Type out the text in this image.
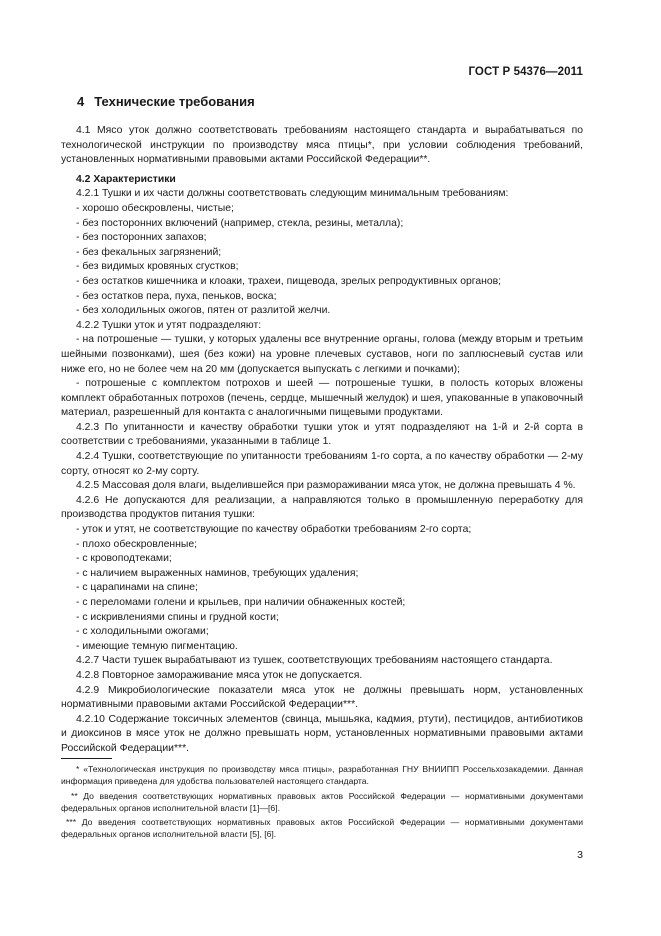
ГОСТ Р 54376—2011
4 Технические требования

4.1 Мясо уток должно соответствовать требованиям настоящего стандарта и вырабатываться по технологической инструкции по производству мяса птицы*, при условии соблюдения требований, установленных нормативными правовыми актами Российской Федерации**.

4.2 Характеристики

4.2.1 Тушки и их части должны соответствовать следующим минимальным требованиям:

- хорошо обескровлены, чистые;

- без посторонних включений (например, стекла, резины, металла);

- без посторонних запахов;

- без фекальных загрязнений;

- без видимых кровяных сгустков;

- без остатков кишечника и клоаки, трахеи, пищевода, зрелых репродуктивных органов;

- без остатков пера, пуха, пеньков, воска;

- без холодильных ожогов, пятен от разлитой желчи.

4.2.2 Тушки уток и утят подразделяют:

- на потрошеные — тушки, у которых удалены все внутренние органы, голова (между вторым и третьим шейными позвонками), шея (без кожи) на уровне плечевых суставов, ноги по заплюсневый сустав или ниже его, но не более чем на 20 мм (допускается выпускать с легкими и почками);

- потрошеные с комплектом потрохов и шеей — потрошеные тушки, в полость которых вложены комплект обработанных потрохов (печень, сердце, мышечный желудок) и шея, упакованные в упаковочный материал, разрешенный для контакта с аналогичными пищевыми продуктами.

4.2.3 По упитанности и качеству обработки тушки уток и утят подразделяют на 1-й и 2-й сорта в соответствии с требованиями, указанными в таблице 1.

4.2.4 Тушки, соответствующие по упитанности требованиям 1-го сорта, а по качеству обработки — 2-му сорту, относят ко 2-му сорту.

4.2.5 Массовая доля влаги, выделившейся при размораживании мяса уток, не должна превышать 4 %.

4.2.6 Не допускаются для реализации, а направляются только в промышленную переработку для производства продуктов питания тушки:

- уток и утят, не соответствующие по качеству обработки требованиям 2-го сорта;

- плохо обескровленные;

- с кровоподтеками;

- с наличием выраженных наминов, требующих удаления;

- с царапинами на спине;

- с переломами голени и крыльев, при наличии обнаженных костей;

- с искривлениями спины и грудной кости;

- с холодильными ожогами;

- имеющие темную пигментацию.

4.2.7 Части тушек вырабатывают из тушек, соответствующих требованиям настоящего стандарта.

4.2.8 Повторное замораживание мяса уток не допускается.

4.2.9 Микробиологические показатели мяса уток не должны превышать норм, установленных нормативными правовыми актами Российской Федерации***.

4.2.10 Содержание токсичных элементов (свинца, мышьяка, кадмия, ртути), пестицидов, антибиотиков и диоксинов в мясе уток не должно превышать норм, установленных нормативными правовыми актами Российской Федерации***.

* «Технологическая инструкция по производству мяса птицы», разработанная ГНУ ВНИИПП Россельхозакадемии. Данная информация приведена для удобства пользователей настоящего стандарта.

** До введения соответствующих нормативных правовых актов Российской Федерации — нормативными документами федеральных органов исполнительной власти [1]—[6].

*** До введения соответствующих нормативных правовых актов Российской Федерации — нормативными документами федеральных органов исполнительной власти [5], [6].

3
